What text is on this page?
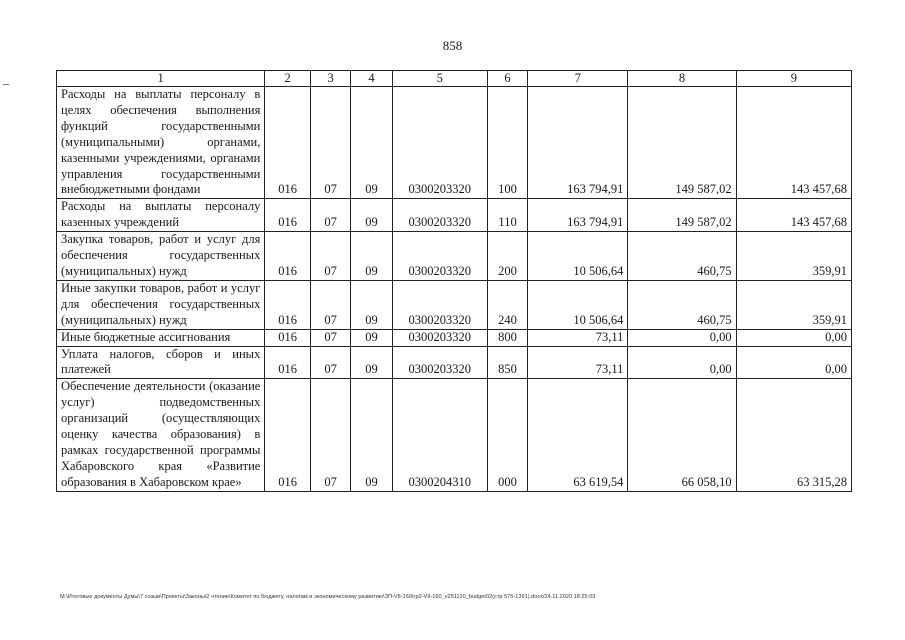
858
1	2	3	4	5	6	7	8	9
Расходы на выплаты персоналу в целях обеспечения выполнения функций государственными (муниципальными) органами, казенными учреждениями, органами управления государственными внебюджетными фондами	016	07	09	0300203320	100	163 794,91	149 587,02	143 457,68
Расходы на выплаты персоналу казенных учреждений	016	07	09	0300203320	110	163 794,91	149 587,02	143 457,68
Закупка товаров, работ и услуг для обеспечения государственных (муниципальных) нужд	016	07	09	0300203320	200	10 506,64	460,75	359,91
Иные закупки товаров, работ и услуг для обеспечения государственных (муниципальных) нужд	016	07	09	0300203320	240	10 506,64	460,75	359,91
Иные бюджетные ассигнования	016	07	09	0300203320	800	73,11	0,00	0,00
Уплата налогов, сборов и иных платежей	016	07	09	0300203320	850	73,11	0,00	0,00
Обеспечение деятельности (оказание услуг) подведомственных организаций (осуществляющих оценку качества образования) в рамках государственной программы Хабаровского края «Развитие образования в Хабаровском крае»	016	07	09	0300204310	000	63 619,54	66 058,10	63 315,28
M:\Итоговые документы Думы\7 созыв\Проекты\Законы\2 чтение\Комитет по бюджету, налогам и экономическому развитию\ЗП-VII-160\гр2-VII-160_v251120_budget02(стр 575-1391).docx/24.11.2020 18:25:03
